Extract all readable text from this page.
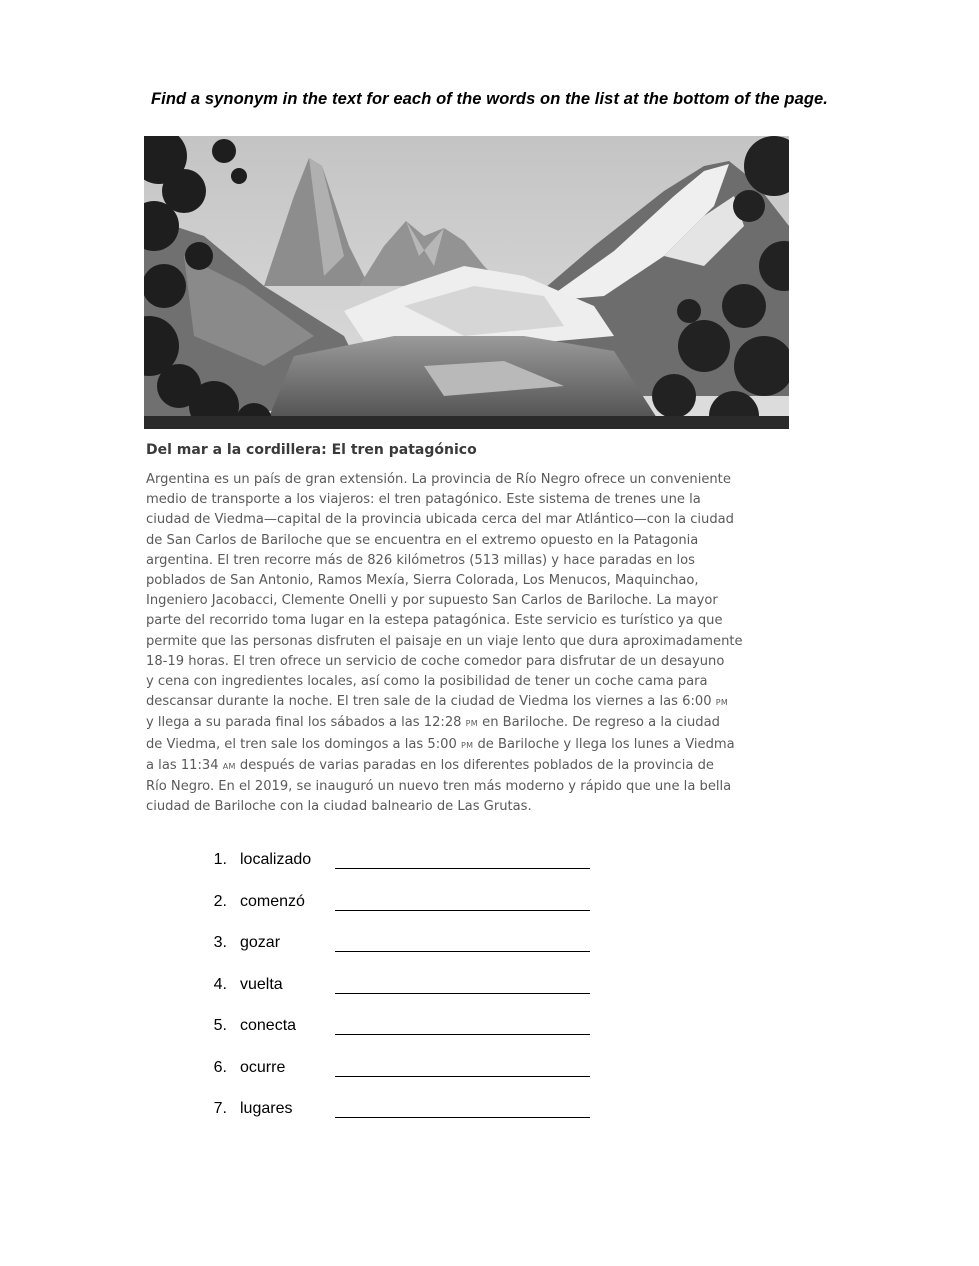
Find a synonym in the text for each of the words on the list at the bottom of the page.
Del mar a la cordillera: El tren patagónico
Argentina es un país de gran extensión. La provincia de Río Negro ofrece un conveniente
medio de transporte a los viajeros: el tren patagónico. Este sistema de trenes une la
ciudad de Viedma—capital de la provincia ubicada cerca del mar Atlántico—con la ciudad
de San Carlos de Bariloche que se encuentra en el extremo opuesto en la Patagonia
argentina. El tren recorre más de 826 kilómetros (513 millas) y hace paradas en los
poblados de San Antonio, Ramos Mexía, Sierra Colorada, Los Menucos, Maquinchao,
Ingeniero Jacobacci, Clemente Onelli y por supuesto San Carlos de Bariloche. La mayor
parte del recorrido toma lugar en la estepa patagónica. Este servicio es turístico ya que
permite que las personas disfruten el paisaje en un viaje lento que dura aproximadamente
18-19 horas. El tren ofrece un servicio de coche comedor para disfrutar de un desayuno
y cena con ingredientes locales, así como la posibilidad de tener un coche cama para
descansar durante la noche. El tren sale de la ciudad de Viedma los viernes a las 6:00 PM
y llega a su parada final los sábados a las 12:28 PM en Bariloche. De regreso a la ciudad
de Viedma, el tren sale los domingos a las 5:00 PM de Bariloche y llega los lunes a Viedma
a las 11:34 AM después de varias paradas en los diferentes poblados de la provincia de
Río Negro. En el 2019, se inauguró un nuevo tren más moderno y rápido que une la bella
ciudad de Bariloche con la ciudad balneario de Las Grutas.
1. localizado
2. comenzó
3. gozar
4. vuelta
5. conecta
6. ocurre
7. lugares
